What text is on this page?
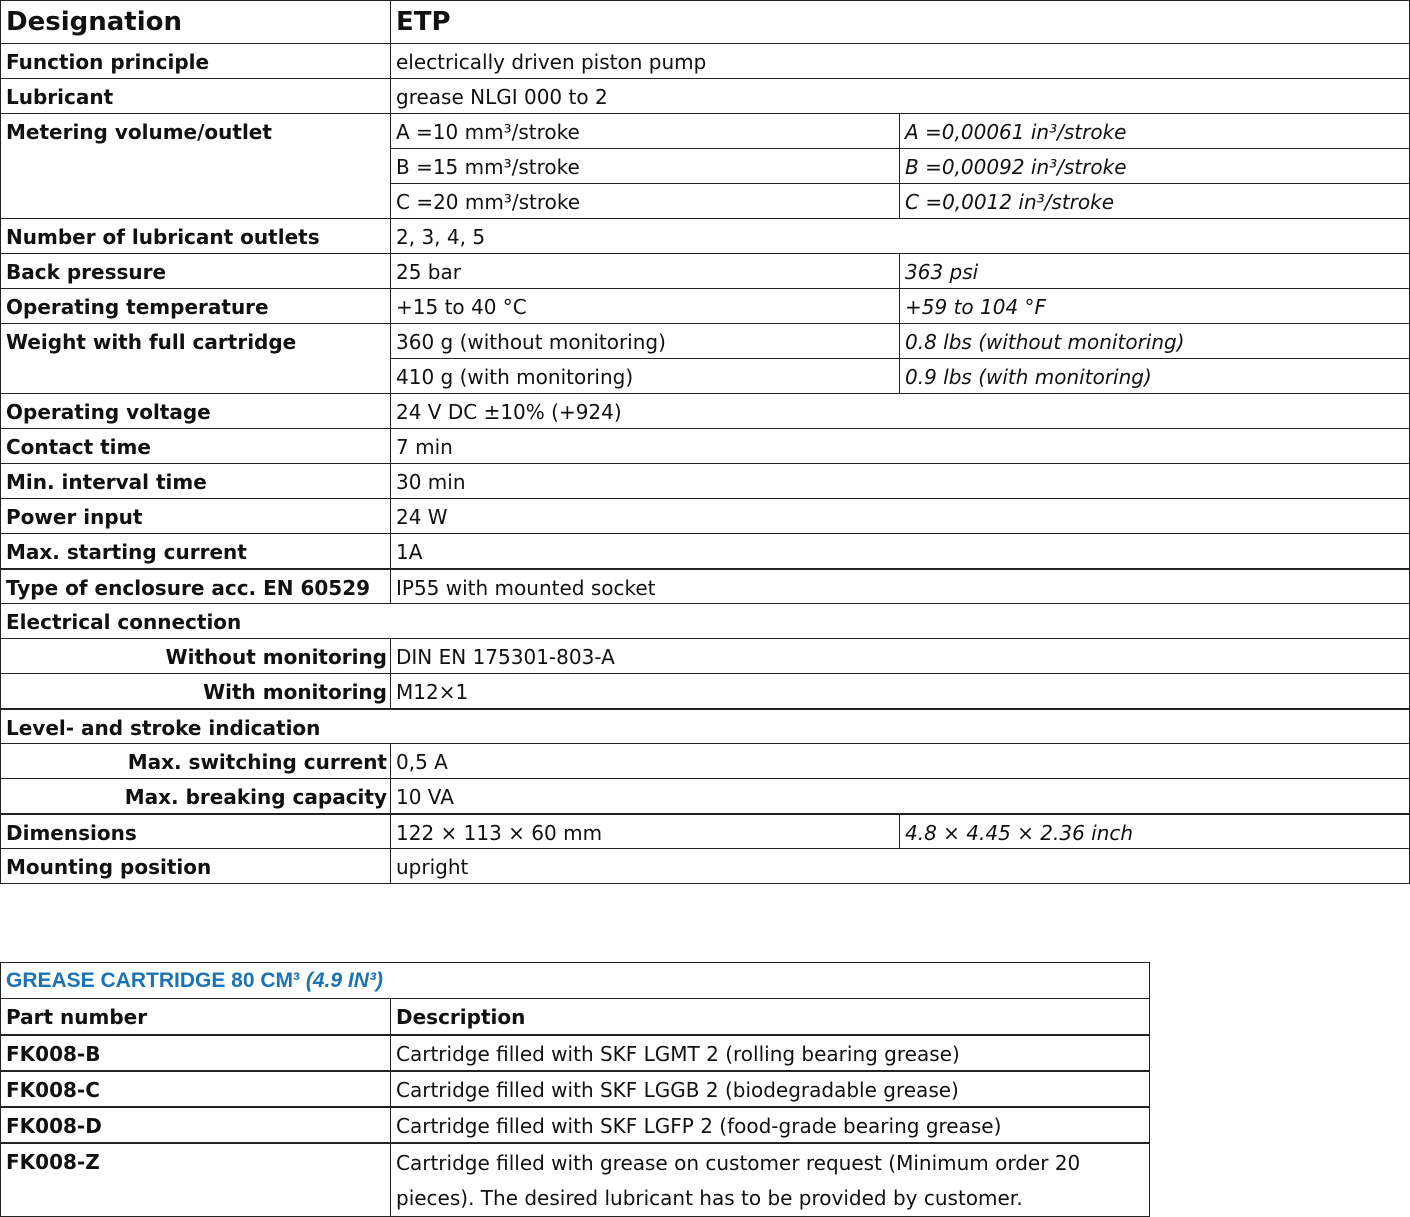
Designation	ETP	
Function principle	electrically driven piston pump	
Lubricant	grease NLGI 000 to 2	
Metering volume/outlet	A =10 mm³/stroke	A =0,00061 in³/stroke
	B =15 mm³/stroke	B =0,00092 in³/stroke
	C =20 mm³/stroke	C =0,0012 in³/stroke
Number of lubricant outlets	2, 3, 4, 5	
Back pressure	25 bar	363 psi
Operating temperature	+15 to 40 °C	+59 to 104 °F
Weight with full cartridge	360 g (without monitoring)	0.8 lbs (without monitoring)
	410 g (with monitoring)	0.9 lbs (with monitoring)
Operating voltage	24 V DC ±10% (+924)	
Contact time	7 min	
Min. interval time	30 min	
Power input	24 W	
Max. starting current	1A	
Type of enclosure acc. EN 60529	IP55 with mounted socket	
Electrical connection		
Without monitoring	DIN EN 175301-803-A	
With monitoring	M12×1	
Level- and stroke indication		
Max. switching current	0,5 A	
Max. breaking capacity	10 VA	
Dimensions	122 × 113 × 60 mm	4.8 × 4.45 × 2.36 inch
Mounting position	upright	
GREASE CARTRIDGE 80 CM³ (4.9 IN³)	
Part number	Description
FK008-B	Cartridge filled with SKF LGMT 2 (rolling bearing grease)
FK008-C	Cartridge filled with SKF LGGB 2 (biodegradable grease)
FK008-D	Cartridge filled with SKF LGFP 2 (food-grade bearing grease)
FK008-Z	Cartridge filled with grease on customer request (Minimum order 20 pieces). The desired lubricant has to be provided by customer.
